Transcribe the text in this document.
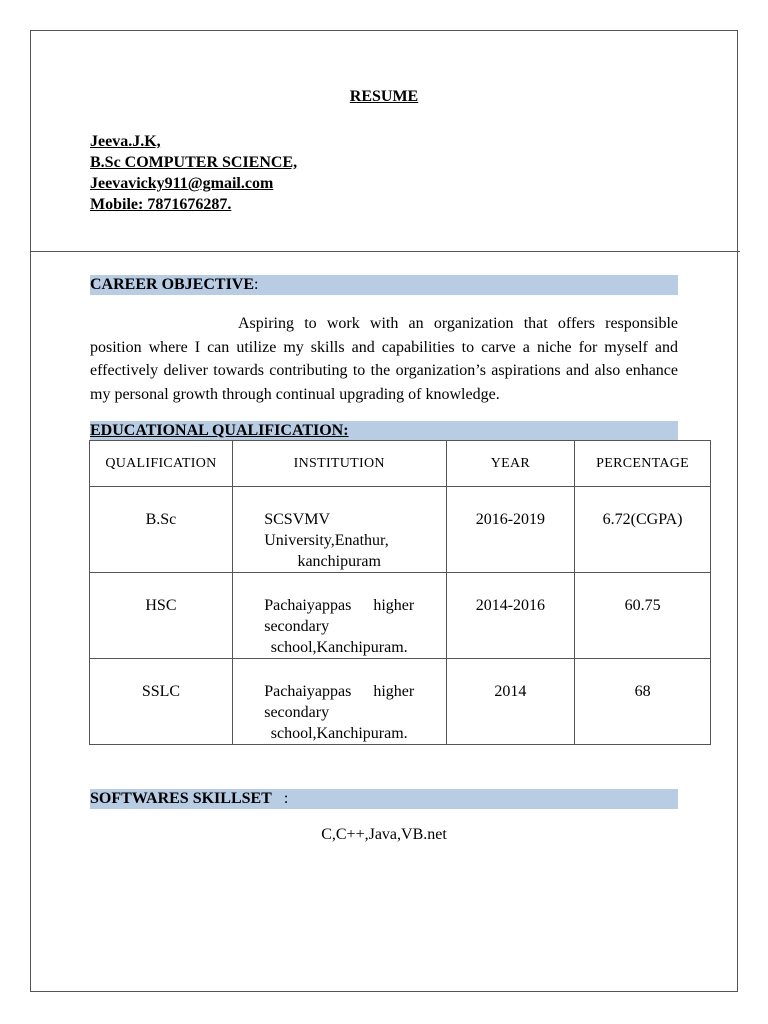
RESUME
Jeeva.J.K,
B.Sc COMPUTER SCIENCE,
Jeevavicky911@gmail.com
Mobile: 7871676287.
CAREER OBJECTIVE:
Aspiring to work with an organization that offers responsible position where I can utilize my skills and capabilities to carve a niche for myself and effectively deliver towards contributing to the organization’s aspirations and also enhance my personal growth through continual upgrading of knowledge.
EDUCATIONAL QUALIFICATION:
QUALIFICATION	INSTITUTION	YEAR	PERCENTAGE
B.Sc	SCSVMV University,Enathur, kanchipuram	2016-2019	6.72(CGPA)
HSC	Pachaiyappas higher secondary school,Kanchipuram.	2014-2016	60.75
SSLC	Pachaiyappas higher secondary school,Kanchipuram.	2014	68
SOFTWARES SKILLSET :
C,C++,Java,VB.net
